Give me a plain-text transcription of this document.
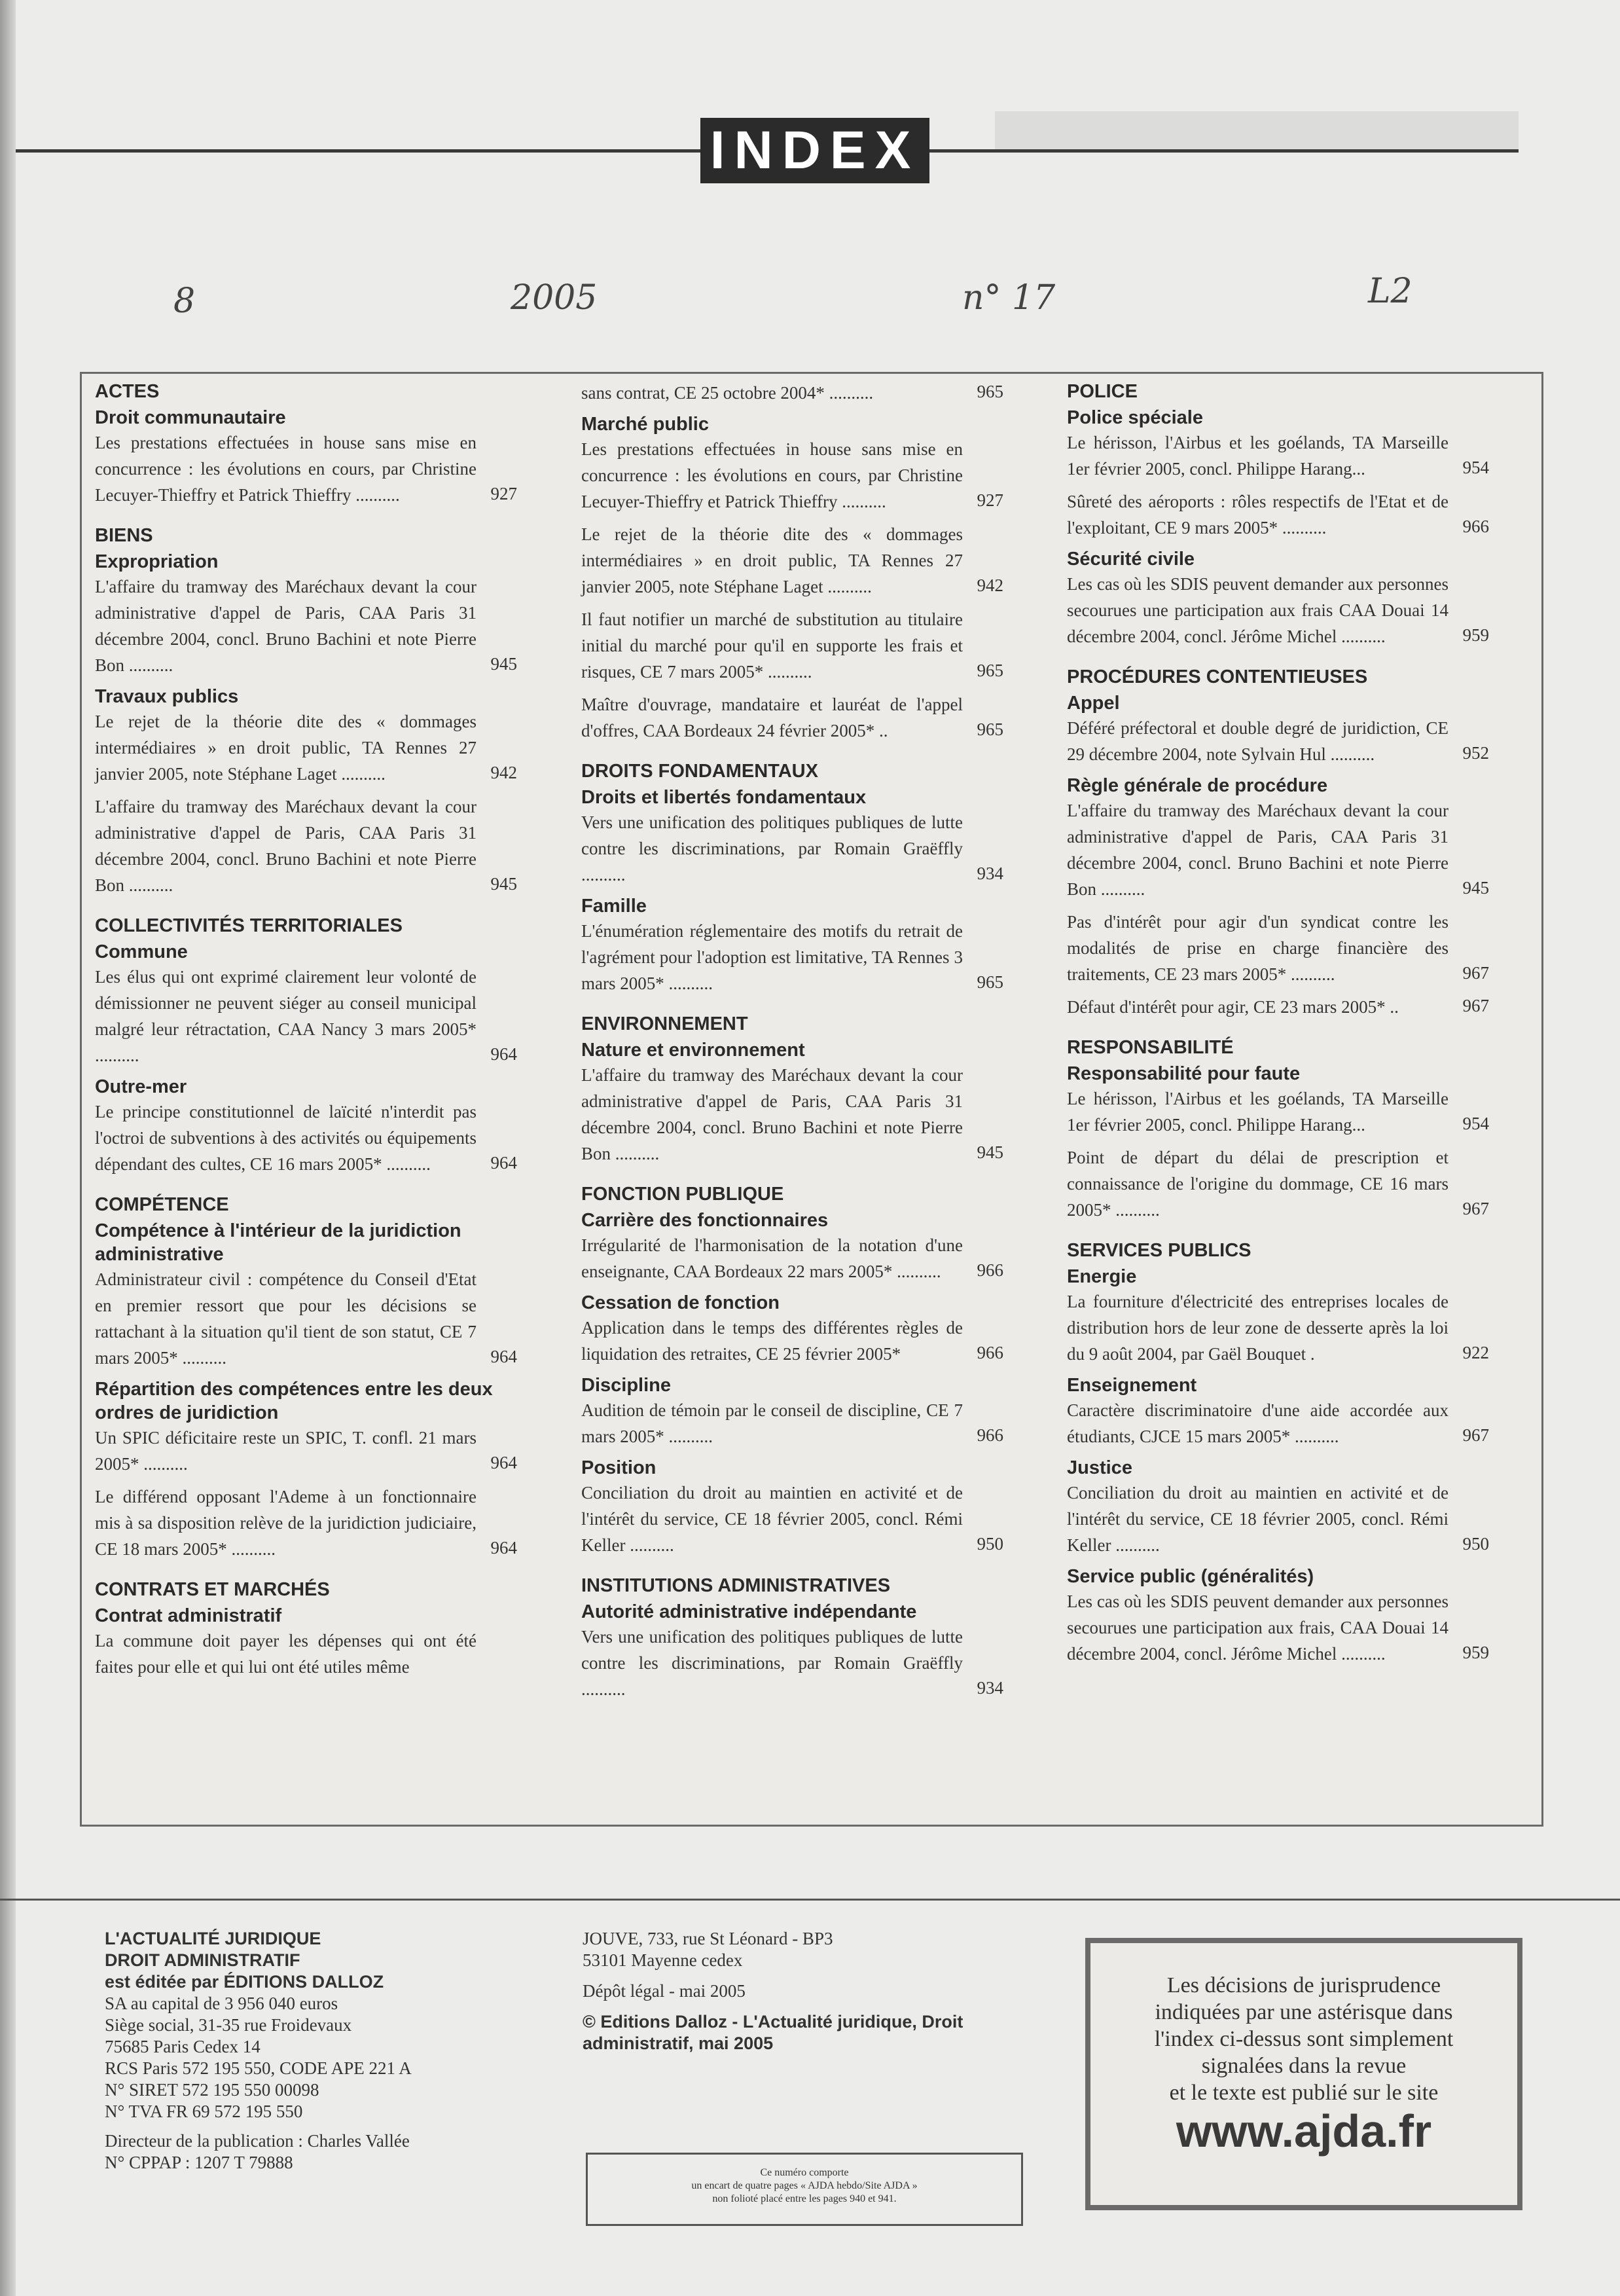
INDEX
8	2005	n° 17	L2
ACTES
Droit communautaire
Les prestations effectuées in house sans mise en concurrence : les évolutions en cours, par Christine Lecuyer-Thieffry et Patrick Thieffry ..........	927
BIENS
Expropriation
L'affaire du tramway des Maréchaux devant la cour administrative d'appel de Paris, CAA Paris 31 décembre 2004, concl. Bruno Bachini et note Pierre Bon ..........	945
Travaux publics
Le rejet de la théorie dite des « dommages intermédiaires » en droit public, TA Rennes 27 janvier 2005, note Stéphane Laget ..........	942
L'affaire du tramway des Maréchaux devant la cour administrative d'appel de Paris, CAA Paris 31 décembre 2004, concl. Bruno Bachini et note Pierre Bon ..........	945
COLLECTIVITÉS TERRITORIALES
Commune
Les élus qui ont exprimé clairement leur volonté de démissionner ne peuvent siéger au conseil municipal malgré leur rétractation, CAA Nancy 3 mars 2005* ..........	964
Outre-mer
Le principe constitutionnel de laïcité n'interdit pas l'octroi de subventions à des activités ou équipements dépendant des cultes, CE 16 mars 2005* ..........	964
COMPÉTENCE
Compétence à l'intérieur de la juridiction administrative
Administrateur civil : compétence du Conseil d'Etat en premier ressort que pour les décisions se rattachant à la situation qu'il tient de son statut, CE 7 mars 2005* ..........	964
Répartition des compétences entre les deux ordres de juridiction
Un SPIC déficitaire reste un SPIC, T. confl. 21 mars 2005* ..........	964
Le différend opposant l'Ademe à un fonctionnaire mis à sa disposition relève de la juridiction judiciaire, CE 18 mars 2005* ..........	964
CONTRATS ET MARCHÉS
Contrat administratif
La commune doit payer les dépenses qui ont été faites pour elle et qui lui ont été utiles même
sans contrat, CE 25 octobre 2004* ..........	965
Marché public
Les prestations effectuées in house sans mise en concurrence : les évolutions en cours, par Christine Lecuyer-Thieffry et Patrick Thieffry ..........	927
Le rejet de la théorie dite des « dommages intermédiaires » en droit public, TA Rennes 27 janvier 2005, note Stéphane Laget ..........	942
Il faut notifier un marché de substitution au titulaire initial du marché pour qu'il en supporte les frais et risques, CE 7 mars 2005* ..........	965
Maître d'ouvrage, mandataire et lauréat de l'appel d'offres, CAA Bordeaux 24 février 2005* ..	965
DROITS FONDAMENTAUX
Droits et libertés fondamentaux
Vers une unification des politiques publiques de lutte contre les discriminations, par Romain Graëffly ..........	934
Famille
L'énumération réglementaire des motifs du retrait de l'agrément pour l'adoption est limitative, TA Rennes 3 mars 2005* ..........	965
ENVIRONNEMENT
Nature et environnement
L'affaire du tramway des Maréchaux devant la cour administrative d'appel de Paris, CAA Paris 31 décembre 2004, concl. Bruno Bachini et note Pierre Bon ..........	945
FONCTION PUBLIQUE
Carrière des fonctionnaires
Irrégularité de l'harmonisation de la notation d'une enseignante, CAA Bordeaux 22 mars 2005* .......... 966
Cessation de fonction
Application dans le temps des différentes règles de liquidation des retraites, CE 25 février 2005*	966
Discipline
Audition de témoin par le conseil de discipline, CE 7 mars 2005* ..........	966
Position
Conciliation du droit au maintien en activité et de l'intérêt du service, CE 18 février 2005, concl. Rémi Keller ..........	950
INSTITUTIONS ADMINISTRATIVES
Autorité administrative indépendante
Vers une unification des politiques publiques de lutte contre les discriminations, par Romain Graëffly ..........	934
POLICE
Police spéciale
Le hérisson, l'Airbus et les goélands, TA Marseille 1er février 2005, concl. Philippe Harang...	954
Sûreté des aéroports : rôles respectifs de l'Etat et de l'exploitant, CE 9 mars 2005* ..........	966
Sécurité civile
Les cas où les SDIS peuvent demander aux personnes secourues une participation aux frais CAA Douai 14 décembre 2004, concl. Jérôme Michel ..........	959
PROCÉDURES CONTENTIEUSES
Appel
Déféré préfectoral et double degré de juridiction, CE 29 décembre 2004, note Sylvain Hul ..........	952
Règle générale de procédure
L'affaire du tramway des Maréchaux devant la cour administrative d'appel de Paris, CAA Paris 31 décembre 2004, concl. Bruno Bachini et note Pierre Bon ..........	945
Pas d'intérêt pour agir d'un syndicat contre les modalités de prise en charge financière des traitements, CE 23 mars 2005* ..........	967
Défaut d'intérêt pour agir, CE 23 mars 2005* ..	967
RESPONSABILITÉ
Responsabilité pour faute
Le hérisson, l'Airbus et les goélands, TA Marseille 1er février 2005, concl. Philippe Harang...	954
Point de départ du délai de prescription et connaissance de l'origine du dommage, CE 16 mars 2005* ..........	967
SERVICES PUBLICS
Energie
La fourniture d'électricité des entreprises locales de distribution hors de leur zone de desserte après la loi du 9 août 2004, par Gaël Bouquet .	922
Enseignement
Caractère discriminatoire d'une aide accordée aux étudiants, CJCE 15 mars 2005* ..........	967
Justice
Conciliation du droit au maintien en activité et de l'intérêt du service, CE 18 février 2005, concl. Rémi Keller ..........	950
Service public (généralités)
Les cas où les SDIS peuvent demander aux personnes secourues une participation aux frais, CAA Douai 14 décembre 2004, concl. Jérôme Michel ..........	959
L'ACTUALITÉ JURIDIQUE
DROIT ADMINISTRATIF
est éditée par ÉDITIONS DALLOZ
SA au capital de 3 956 040 euros
Siège social, 31-35 rue Froidevaux
75685 Paris Cedex 14
RCS Paris 572 195 550, CODE APE 221 A
N° SIRET 572 195 550 00098
N° TVA FR 69 572 195 550
Directeur de la publication : Charles Vallée
N° CPPAP : 1207 T 79888
JOUVE, 733, rue St Léonard - BP3
53101 Mayenne cedex
Dépôt légal - mai 2005
© Editions Dalloz - L'Actualité juridique, Droit
administratif, mai 2005
Ce numéro comporte
un encart de quatre pages « AJDA hebdo/Site AJDA »
non folioté placé entre les pages 940 et 941.
Les décisions de jurisprudence
indiquées par une astérisque dans
l'index ci-dessus sont simplement
signalées dans la revue
et le texte est publié sur le site
www.ajda.fr
